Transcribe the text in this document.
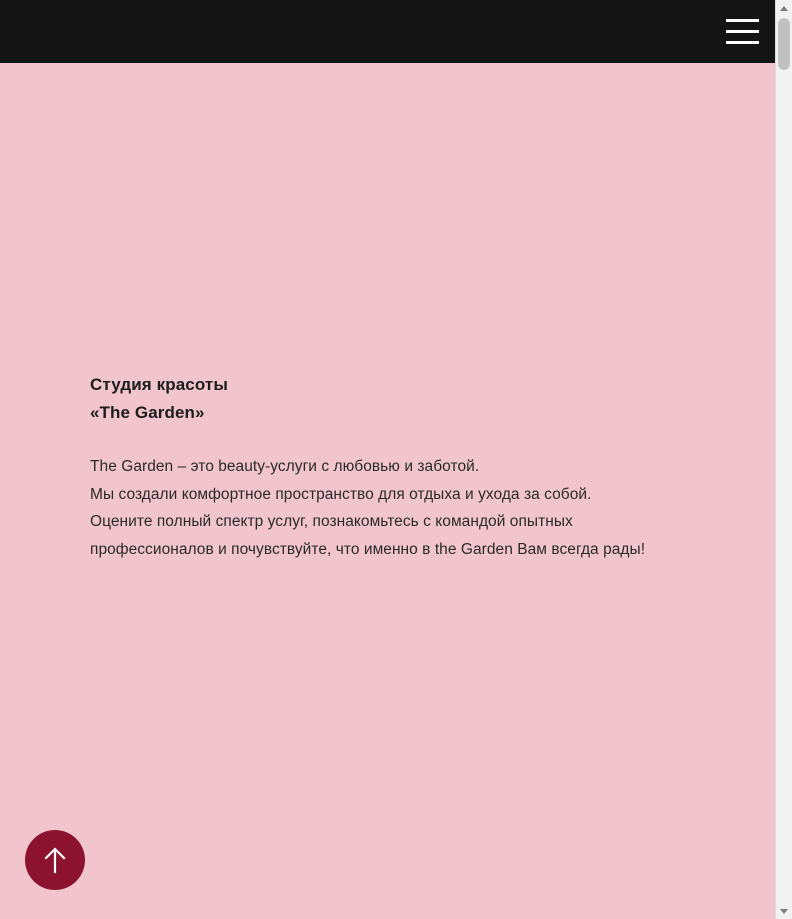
Студия красоты
«The Garden»

The Garden – это beauty-услуги с любовью и заботой.
Мы создали комфортное пространство для отдыха и ухода за собой.
Оцените полный спектр услуг, познакомьтесь с командой опытных
профессионалов и почувствуйте, что именно в the Garden Вам всегда рады!
